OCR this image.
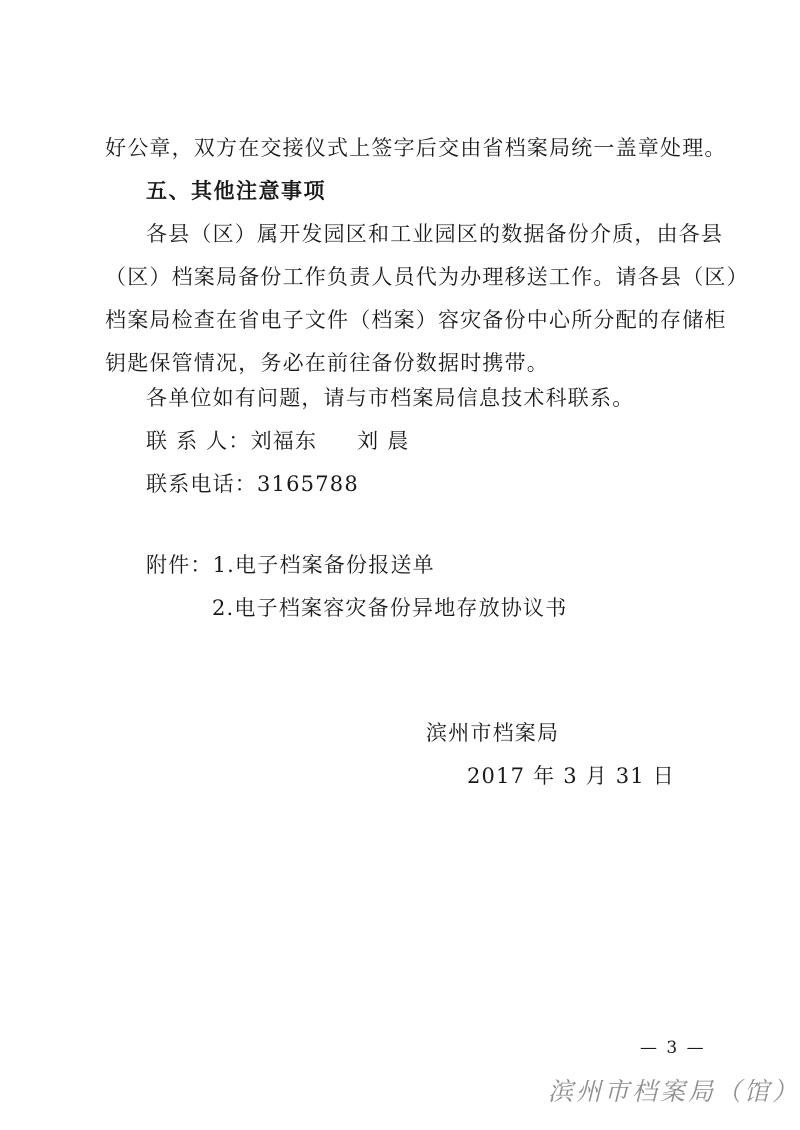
好公章，双方在交接仪式上签字后交由省档案局统一盖章处理。
五、其他注意事项
各县（区）属开发园区和工业园区的数据备份介质，由各县
（区）档案局备份工作负责人员代为办理移送工作。请各县（区）
档案局检查在省电子文件（档案）容灾备份中心所分配的存储柜
钥匙保管情况，务必在前往备份数据时携带。
各单位如有问题，请与市档案局信息技术科联系。
联 系 人：刘福东 刘 晨
联系电话：3165788
附件：1.电子档案备份报送单
2.电子档案容灾备份异地存放协议书
滨州市档案局
2017 年 3 月 31 日
— 3 —
滨州市档案局（馆）
